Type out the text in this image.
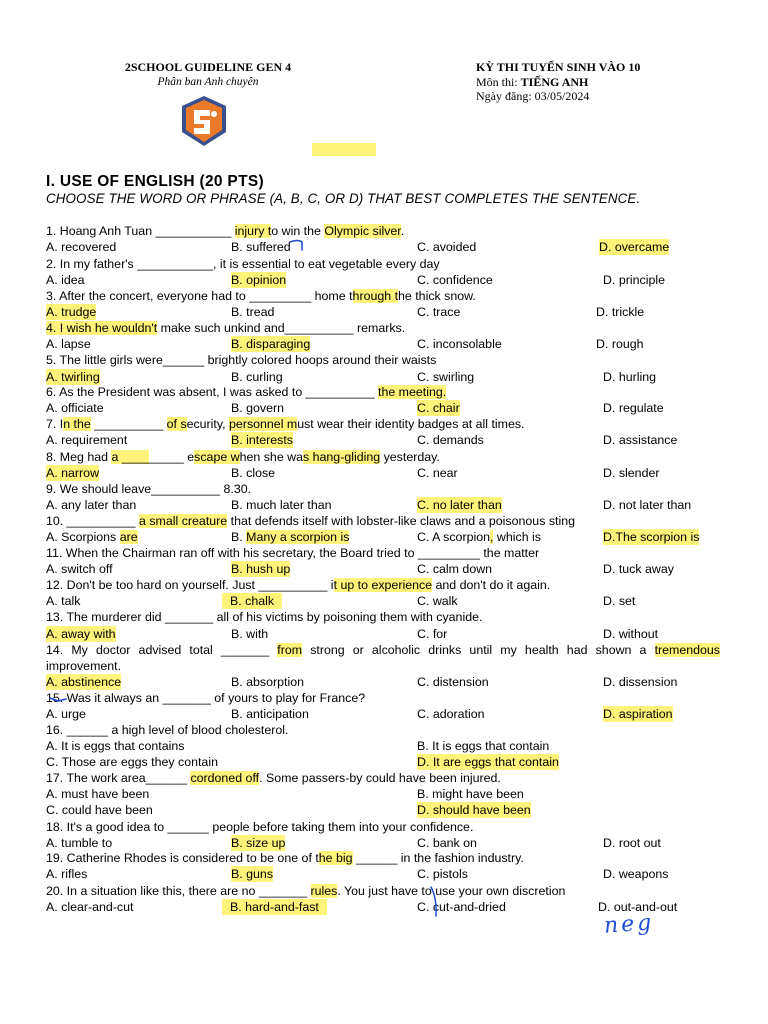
2SCHOOL GUIDELINE GEN 4
Phân ban Anh chuyên
KỲ THI TUYỂN SINH VÀO 10
Môn thi: TIẾNG ANH
Ngày đăng: 03/05/2024
I. USE OF ENGLISH (20 PTS)
CHOOSE THE WORD OR PHRASE (A, B, C, OR D) THAT BEST COMPLETES THE SENTENCE.
1. Hoang Anh Tuan ___________ injury to win the Olympic silver.
A. recovered	B. suffered	C. avoided	D. overcame
2. In my father's ___________, it is essential to eat vegetable every day
A. idea	B. opinion	C. confidence	D. principle
3. After the concert, everyone had to _________ home through the thick snow.
A. trudge	B. tread	C. trace	D. trickle
4. I wish he wouldn't make such unkind and__________ remarks.
A. lapse	B. disparaging	C. inconsolable	D. rough
5. The little girls were______ brightly colored hoops around their waists
A. twirling	B. curling	C. swirling	D. hurling
6. As the President was absent, I was asked to __________ the meeting.
A. officiate	B. govern	C. chair	D. regulate
7. In the __________ of security, personnel must wear their identity badges at all times.
A. requirement	B. interests	C. demands	D. assistance
8. Meg had a _________ escape when she was hang-gliding yesterday.
A. narrow	B. close	C. near	D. slender
9. We should leave__________ 8.30.
A. any later than	B. much later than	C. no later than	D. not later than
10. __________ a small creature that defends itself with lobster-like claws and a poisonous sting
A. Scorpions are	B. Many a scorpion is	C. A scorpion, which is	D.The scorpion is
11. When the Chairman ran off with his secretary, the Board tried to _________ the matter
A. switch off	B. hush up	C. calm down	D. tuck away
12. Don't be too hard on yourself. Just __________ it up to experience and don't do it again.
A. talk	B. chalk	C. walk	D. set
13. The murderer did _______ all of his victims by poisoning them with cyanide.
A. away with	B. with	C. for	D. without
14. My doctor advised total _______ from strong or alcoholic drinks until my health had shown a tremendous
improvement.
A. abstinence	B. absorption	C. distension	D. dissension
15. Was it always an _______ of yours to play for France?
A. urge	B. anticipation	C. adoration	D. aspiration
16. ______ a high level of blood cholesterol.
A. It is eggs that contains	B. It is eggs that contain
C. Those are eggs they contain	D. It are eggs that contain
17. The work area______ cordoned off. Some passers-by could have been injured.
A. must have been	B. might have been
C. could have been	D. should have been
18. It's a good idea to ______ people before taking them into your confidence.
A. tumble to	B. size up	C. bank on	D. root out
19. Catherine Rhodes is considered to be one of the big ______ in the fashion industry.
A. rifles	B. guns	C. pistols	D. weapons
20. In a situation like this, there are no _______ rules. You just have to use your own discretion
A. clear-and-cut	B. hard-and-fast	C. cut-and-dried	D. out-and-out
neg
